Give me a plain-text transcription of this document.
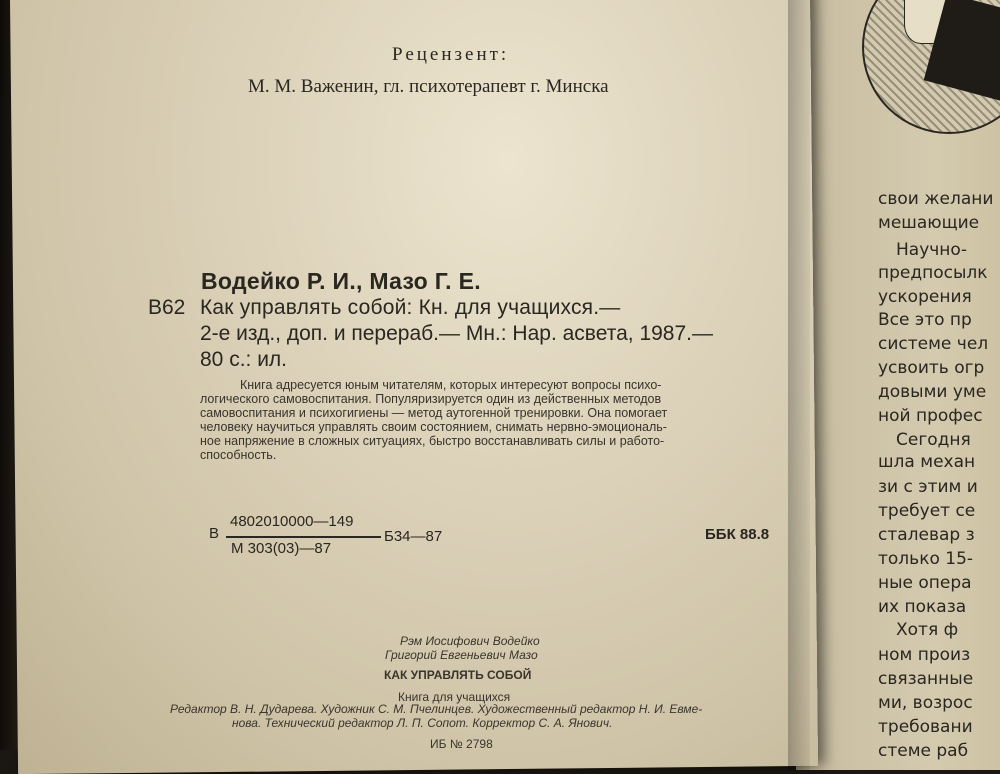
Рецензент:
М. М. Важенин, гл. психотерапевт г. Минска
Водейко Р. И., Мазо Г. Е.
В62 Как управлять собой: Кн. для учащихся.—
2-е изд., доп. и перераб.— Мн.: Нар. асвета, 1987.—
80 с.: ил.
Книга адресуется юным читателям, которых интересуют вопросы психо-
логического самовоспитания. Популяризируется один из действенных методов
самовоспитания и психогигиены — метод аутогенной тренировки. Она помогает
человеку научиться управлять своим состоянием, снимать нервно-эмоциональ-
ное напряжение в сложных ситуациях, быстро восстанавливать силы и работо-
способность.
4802010000—149
В
М 303(03)—87
Б34—87	ББК 88.8
Рэм Иосифович Водейко
Григорий Евгеньевич Мазо
КАК УПРАВЛЯТЬ СОБОЙ
Книга для учащихся
Редактор В. Н. Дударева. Художник С. М. Пчелинцев. Художественный редактор Н. И. Евме-
нова. Технический редактор Л. П. Сопот. Корректор С. А. Янович.
ИБ № 2798
свои желани
мешающие
Научно-
предпосылк
ускорения
Все это пр
системе чел
усвоить огр
довыми уме
ной профес
Сегодня
шла механ
зи с этим и
требует се
сталевар з
только 15-
ные опера
их показа
Хотя ф
ном произ
связанные
ми, возрос
требовани
стеме раб
